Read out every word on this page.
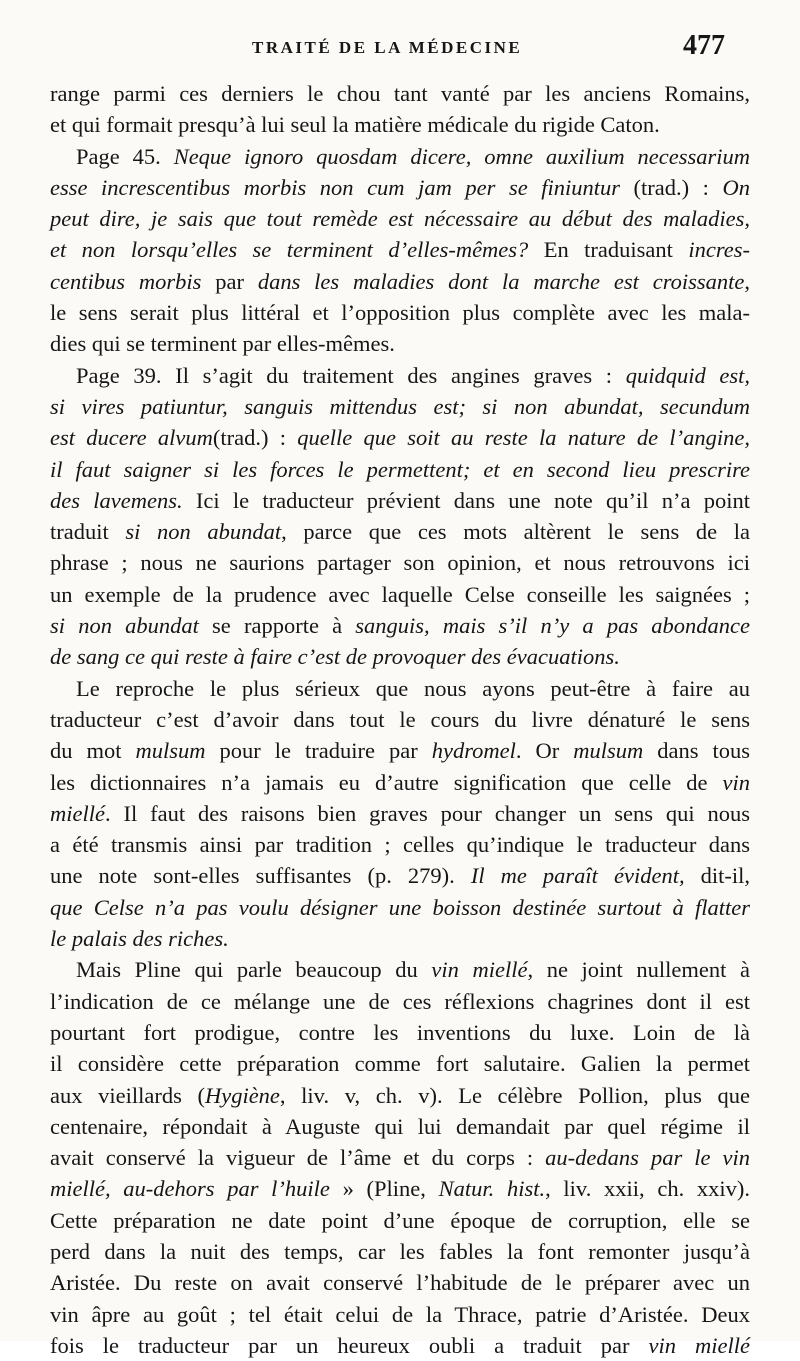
TRAITÉ DE LA MÉDECINE	477
range parmi ces derniers le chou tant vanté par les anciens Romains,
et qui formait presqu’à lui seul la matière médicale du rigide Caton.
Page 45. Neque ignoro quosdam dicere, omne auxilium necessarium
esse increscentibus morbis non cum jam per se finiuntur (trad.) : On
peut dire, je sais que tout remède est nécessaire au début des maladies,
et non lorsqu’elles se terminent d’elles-mêmes? En traduisant incres-
centibus morbis par dans les maladies dont la marche est croissante,
le sens serait plus littéral et l’opposition plus complète avec les mala-
dies qui se terminent par elles-mêmes.
Page 39. Il s’agit du traitement des angines graves : quidquid est,
si vires patiuntur, sanguis mittendus est; si non abundat, secundum
est ducere alvum(trad.) : quelle que soit au reste la nature de l’angine,
il faut saigner si les forces le permettent; et en second lieu prescrire
des lavemens. Ici le traducteur prévient dans une note qu’il n’a point
traduit si non abundat, parce que ces mots altèrent le sens de la
phrase ; nous ne saurions partager son opinion, et nous retrouvons ici
un exemple de la prudence avec laquelle Celse conseille les saignées ;
si non abundat se rapporte à sanguis, mais s’il n’y a pas abondance
de sang ce qui reste à faire c’est de provoquer des évacuations.
Le reproche le plus sérieux que nous ayons peut-être à faire au
traducteur c’est d’avoir dans tout le cours du livre dénaturé le sens
du mot mulsum pour le traduire par hydromel. Or mulsum dans tous
les dictionnaires n’a jamais eu d’autre signification que celle de vin
miellé. Il faut des raisons bien graves pour changer un sens qui nous
a été transmis ainsi par tradition ; celles qu’indique le traducteur dans
une note sont-elles suffisantes (p. 279). Il me paraît évident, dit-il,
que Celse n’a pas voulu désigner une boisson destinée surtout à flatter
le palais des riches.
Mais Pline qui parle beaucoup du vin miellé, ne joint nullement à
l’indication de ce mélange une de ces réflexions chagrines dont il est
pourtant fort prodigue, contre les inventions du luxe. Loin de là
il considère cette préparation comme fort salutaire. Galien la permet
aux vieillards (Hygiène, liv. v, ch. v). Le célèbre Pollion, plus que
centenaire, répondait à Auguste qui lui demandait par quel régime il
avait conservé la vigueur de l’âme et du corps : au-dedans par le vin
miellé, au-dehors par l’huile » (Pline, Natur. hist., liv. xxii, ch. xxiv).
Cette préparation ne date point d’une époque de corruption, elle se
perd dans la nuit des temps, car les fables la font remonter jusqu’à
Aristée. Du reste on avait conservé l’habitude de le préparer avec un
vin âpre au goût ; tel était celui de la Thrace, patrie d’Aristée. Deux
fois le traducteur par un heureux oubli a traduit par vin miellé
